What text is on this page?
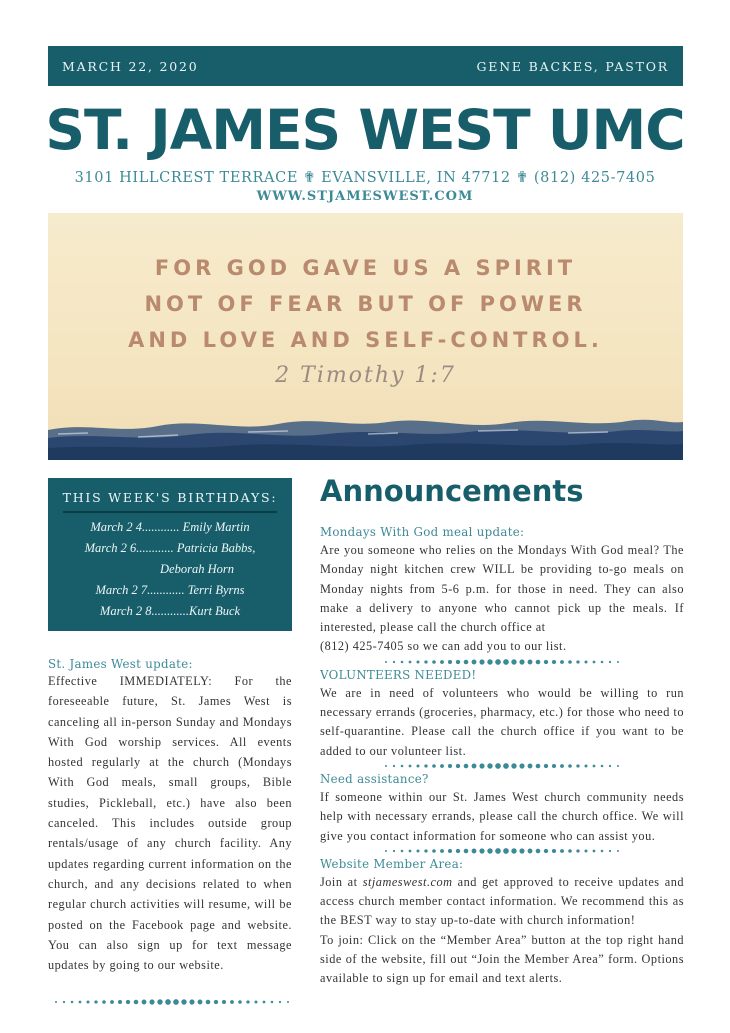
MARCH 22, 2020	GENE BACKES, PASTOR
ST. JAMES WEST UMC
3101 HILLCREST TERRACE ✟ EVANSVILLE, IN 47712 ✟ (812) 425-7405
WWW.STJAMESWEST.COM
FOR GOD GAVE US A SPIRIT
NOT OF FEAR BUT OF POWER
AND LOVE AND SELF-CONTROL.
2 Timothy 1:7
THIS WEEK'S BIRTHDAYS:
March 2 4............ Emily Martin
March 2 6............ Patricia Babbs,
Deborah Horn
March 2 7............ Terri Byrns
March 2 8............Kurt Buck
St. James West update:
Effective IMMEDIATELY: For the foreseeable future, St. James West is canceling all in-person Sunday and Mondays With God worship services. All events hosted regularly at the church (Mondays With God meals, small groups, Bible studies, Pickleball, etc.) have also been canceled. This includes outside group rentals/usage of any church facility. Any updates regarding current information on the church, and any decisions related to when regular church activities will resume, will be posted on the Facebook page and website. You can also sign up for text message updates by going to our website.
Announcements
Mondays With God meal update:

Are you someone who relies on the Mondays With God meal? The Monday night kitchen crew WILL be providing to-go meals on Monday nights from 5-6 p.m. for those in need. They can also make a delivery to anyone who cannot pick up the meals. If interested, please call the church office at

(812) 425-7405 so we can add you to our list.

VOLUNTEERS NEEDED!

We are in need of volunteers who would be willing to run necessary errands (groceries, pharmacy, etc.) for those who need to self-quarantine. Please call the church office if you want to be added to our volunteer list.

Need assistance?

If someone within our St. James West church community needs help with necessary errands, please call the church office. We will give you contact information for someone who can assist you.

Website Member Area:

Join at stjameswest.com and get approved to receive updates and access church member contact information. We recommend this as the BEST way to stay up-to-date with church information!

To join: Click on the “Member Area” button at the top right hand side of the website, fill out “Join the Member Area” form. Options available to sign up for email and text alerts.
